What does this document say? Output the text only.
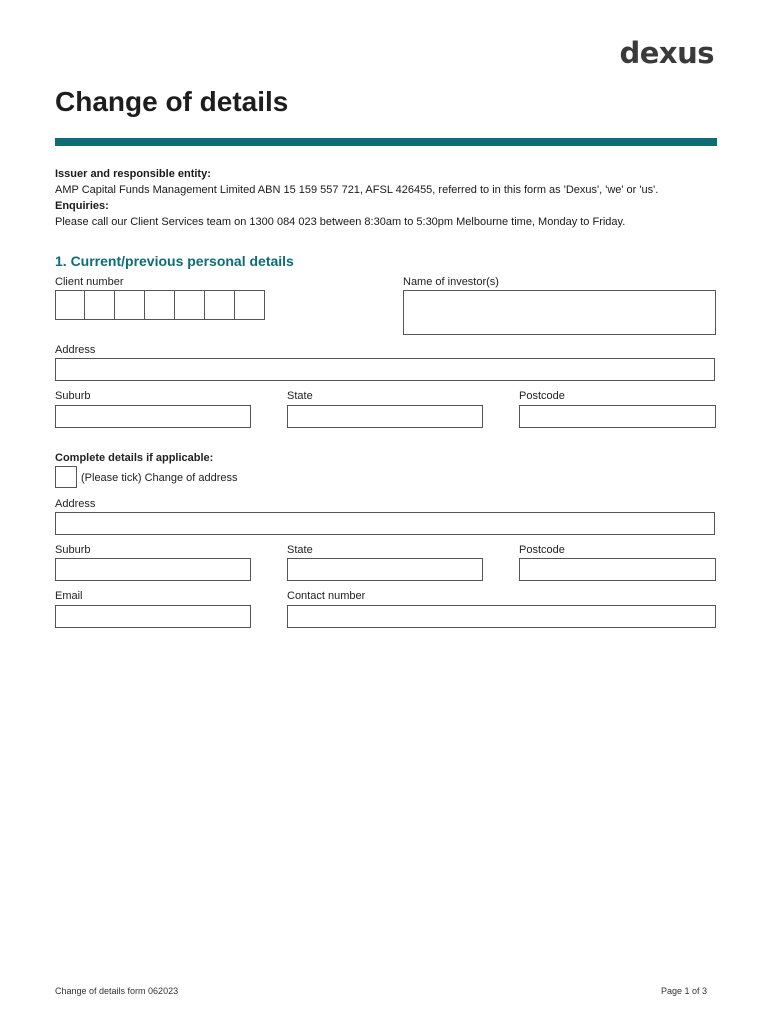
dexus
Change of details
Issuer and responsible entity:
AMP Capital Funds Management Limited ABN 15 159 557 721, AFSL 426455, referred to in this form as 'Dexus', 'we' or 'us'.
Enquiries:
Please call our Client Services team on 1300 084 023 between 8:30am to 5:30pm Melbourne time, Monday to Friday.
1. Current/previous personal details
Client number	Name of investor(s)
Address
Suburb	State	Postcode
Complete details if applicable:
(Please tick) Change of address
Address
Suburb	State	Postcode
Email	Contact number
Change of details form 062023	Page 1 of 3
